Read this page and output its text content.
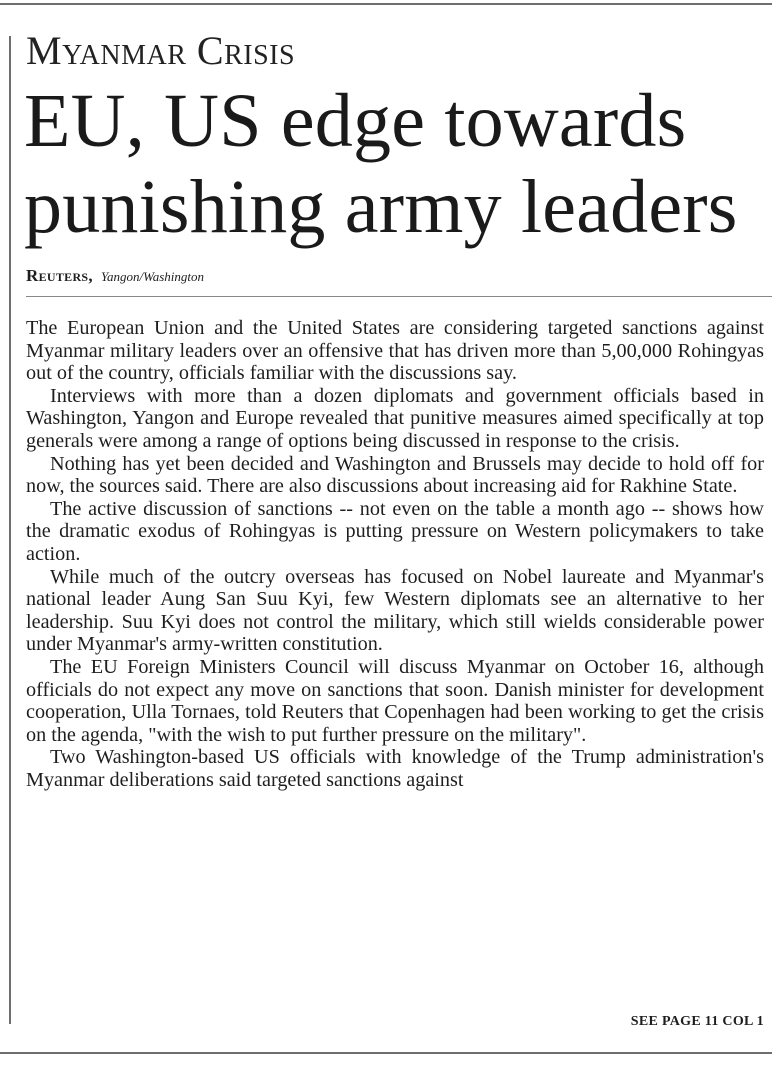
Myanmar Crisis
EU, US edge towards
punishing army leaders
Reuters, Yangon/Washington

The European Union and the United States are considering targeted sanctions against Myanmar military leaders over an offensive that has driven more than 5,00,000 Rohingyas out of the country, officials familiar with the discussions say.

Interviews with more than a dozen diplomats and government officials based in Washington, Yangon and Europe revealed that punitive measures aimed specifically at top generals were among a range of options being discussed in response to the crisis.

Nothing has yet been decided and Washington and Brussels may decide to hold off for now, the sources said. There are also discussions about increasing aid for Rakhine State.

The active discussion of sanctions -- not even on the table a month ago -- shows how the dramatic exodus of Rohingyas is putting pressure on Western policymakers to take action.

While much of the outcry overseas has focused on Nobel laureate and Myanmar's national leader Aung San Suu Kyi, few Western diplomats see an alternative to her leadership. Suu Kyi does not control the military, which still wields considerable power under Myanmar's army-written constitution.

The EU Foreign Ministers Council will discuss Myanmar on October 16, although officials do not expect any move on sanctions that soon. Danish minister for development cooperation, Ulla Tornaes, told Reuters that Copenhagen had been working to get the crisis on the agenda, "with the wish to put further pressure on the military".

Two Washington-based US officials with knowledge of the Trump administration's Myanmar deliberations said targeted sanctions against

SEE PAGE 11 COL 1
